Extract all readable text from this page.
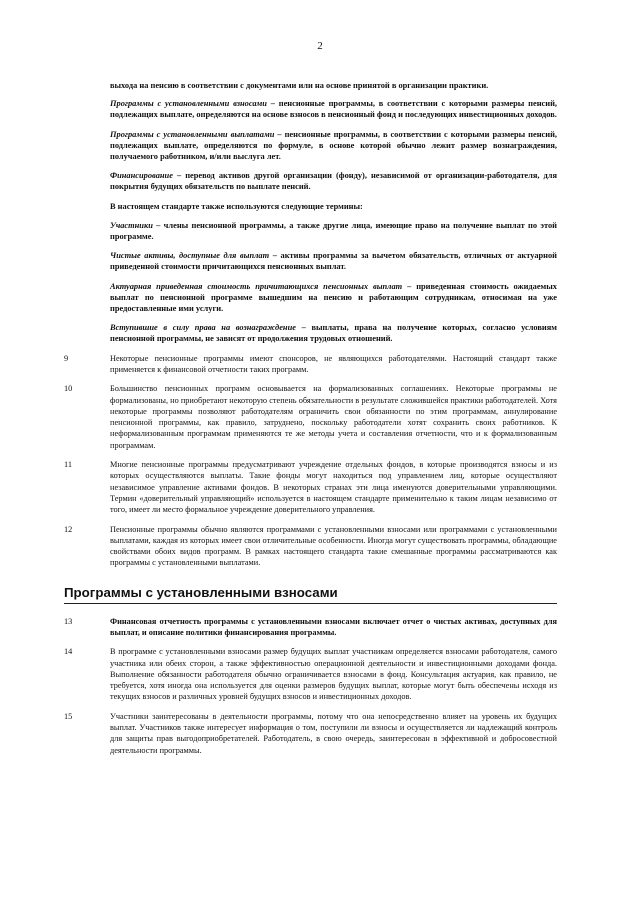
2

выхода на пенсию в соответствии с документами или на основе принятой в организации практики.

Программы с установленными взносами – пенсионные программы, в соответствии с которыми размеры пенсий, подлежащих выплате, определяются на основе взносов в пенсионный фонд и последующих инвестиционных доходов.

Программы с установленными выплатами – пенсионные программы, в соответствии с которыми размеры пенсий, подлежащих выплате, определяются по формуле, в основе которой обычно лежит размер вознаграждения, получаемого работником, и/или выслуга лет.

Финансирование – перевод активов другой организации (фонду), независимой от организации-работодателя, для покрытия будущих обязательств по выплате пенсий.

В настоящем стандарте также используются следующие термины:

Участники – члены пенсионной программы, а также другие лица, имеющие право на получение выплат по этой программе.

Чистые активы, доступные для выплат – активы программы за вычетом обязательств, отличных от актуарной приведенной стоимости причитающихся пенсионных выплат.

Актуарная приведенная стоимость причитающихся пенсионных выплат – приведенная стоимость ожидаемых выплат по пенсионной программе вышедшим на пенсию и работающим сотрудникам, относимая на уже предоставленные ими услуги.

Вступившие в силу права на вознаграждение – выплаты, права на получение которых, согласно условиям пенсионной программы, не зависят от продолжения трудовых отношений.

9	Некоторые пенсионные программы имеют спонсоров, не являющихся работодателями. Настоящий стандарт также применяется к финансовой отчетности таких программ.
10	Большинство пенсионных программ основывается на формализованных соглашениях. Некоторые программы не формализованы, но приобретают некоторую степень обязательности в результате сложившейся практики работодателей. Хотя некоторые программы позволяют работодателям ограничить свои обязанности по этим программам, аннулирование пенсионной программы, как правило, затруднено, поскольку работодатели хотят сохранить своих работников. К неформализованным программам применяются те же методы учета и составления отчетности, что и к формализованным программам.
11	Многие пенсионные программы предусматривают учреждение отдельных фондов, в которые производятся взносы и из которых осуществляются выплаты. Такие фонды могут находиться под управлением лиц, которые осуществляют независимое управление активами фондов. В некоторых странах эти лица именуются доверительными управляющими. Термин «доверительный управляющий» используется в настоящем стандарте применительно к таким лицам независимо от того, имеет ли место формальное учреждение доверительного управления.
12	Пенсионные программы обычно являются программами с установленными взносами или программами с установленными выплатами, каждая из которых имеет свои отличительные особенности. Иногда могут существовать программы, обладающие свойствами обоих видов программ. В рамках настоящего стандарта такие смешанные программы рассматриваются как программы с установленными выплатами.
Программы с установленными взносами
13	Финансовая отчетность программы с установленными взносами включает отчет о чистых активах, доступных для выплат, и описание политики финансирования программы.
14	В программе с установленными взносами размер будущих выплат участникам определяется взносами работодателя, самого участника или обеих сторон, а также эффективностью операционной деятельности и инвестиционными доходами фонда. Выполнение обязанности работодателя обычно ограничивается взносами в фонд. Консультация актуария, как правило, не требуется, хотя иногда она используется для оценки размеров будущих выплат, которые могут быть обеспечены исходя из текущих взносов и различных уровней будущих взносов и инвестиционных доходов.
15	Участники заинтересованы в деятельности программы, потому что она непосредственно влияет на уровень их будущих выплат. Участников также интересует информация о том, поступили ли взносы и осуществляется ли надлежащий контроль для защиты прав выгодоприобретателей. Работодатель, в свою очередь, заинтересован в эффективной и добросовестной деятельности программы.
